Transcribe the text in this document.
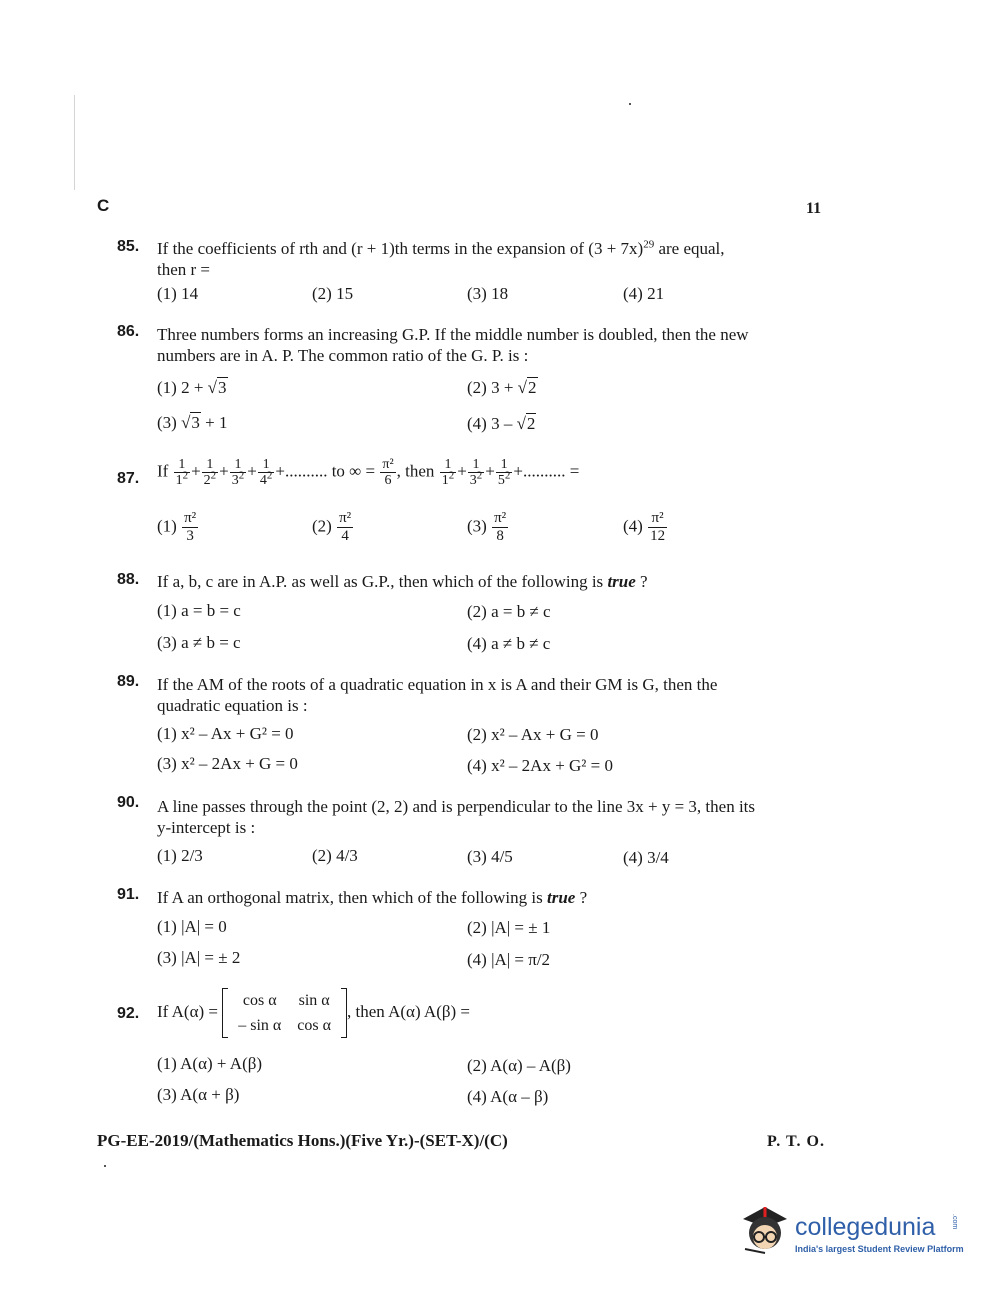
C	11
85. If the coefficients of rth and (r + 1)th terms in the expansion of $(3 + 7x)^{29}$ are equal,
then r =
(1) 14	(2) 15	(3) 18	(4) 21
86. Three numbers forms an increasing G.P. If the middle number is doubled, then the new
numbers are in A. P. The common ratio of the G. P. is :
(1) 2 + √3	(2) 3 + √2
(3) √3 + 1	(4) 3 – √2
87. If $\frac{1}{1^2} + \frac{1}{2^2} + \frac{1}{3^2} + \frac{1}{4^2}$ +.......... to ∞ = $\frac{\text{π²}}{6}$ , then $\frac{1}{1^2} + \frac{1}{3^2} + \frac{1}{5^2}$ +.......... =
$(1) \frac{\text{π²}}{3}$	$(2) \frac{\text{π²}}{4}$	$(3) \frac{\text{π²}}{8}$	$(4) \frac{\text{π²}}{12}$
88. If a, b, c are in A.P. as well as G.P., then which of the following is true ?
(1) a = b = c	(2) a = b ≠ c
(3) a ≠ b = c	(4) a ≠ b ≠ c
89. If the AM of the roots of a quadratic equation in x is A and their GM is G, then the
quadratic equation is :
(1) x² – Ax + G² = 0	(2) x² – Ax + G = 0
(3) x² – 2Ax + G = 0	(4) x² – 2Ax + G² = 0
90. A line passes through the point (2, 2) and is perpendicular to the line 3x + y = 3, then its
y-intercept is :
(1) 2/3	(2) 4/3	(3) 4/5	(4) 3/4
91. If A an orthogonal matrix, then which of the following is true ?
(1) |A| = 0	(2) |A| = ± 1
(3) |A| = ± 2	(4) |A| = π/2
92. If A(α) =
cos α	sin α
– sin α	cos α
, then A(α) A(β) =
(1) A(α) + A(β)	(2) A(α) – A(β)
(3) A(α + β)	(4) A(α – β)
PG-EE-2019/(Mathematics Hons.)(Five Yr.)-(SET-X)/(C)	P. T. O.
collegedunia .com
India's largest Student Review Platform
